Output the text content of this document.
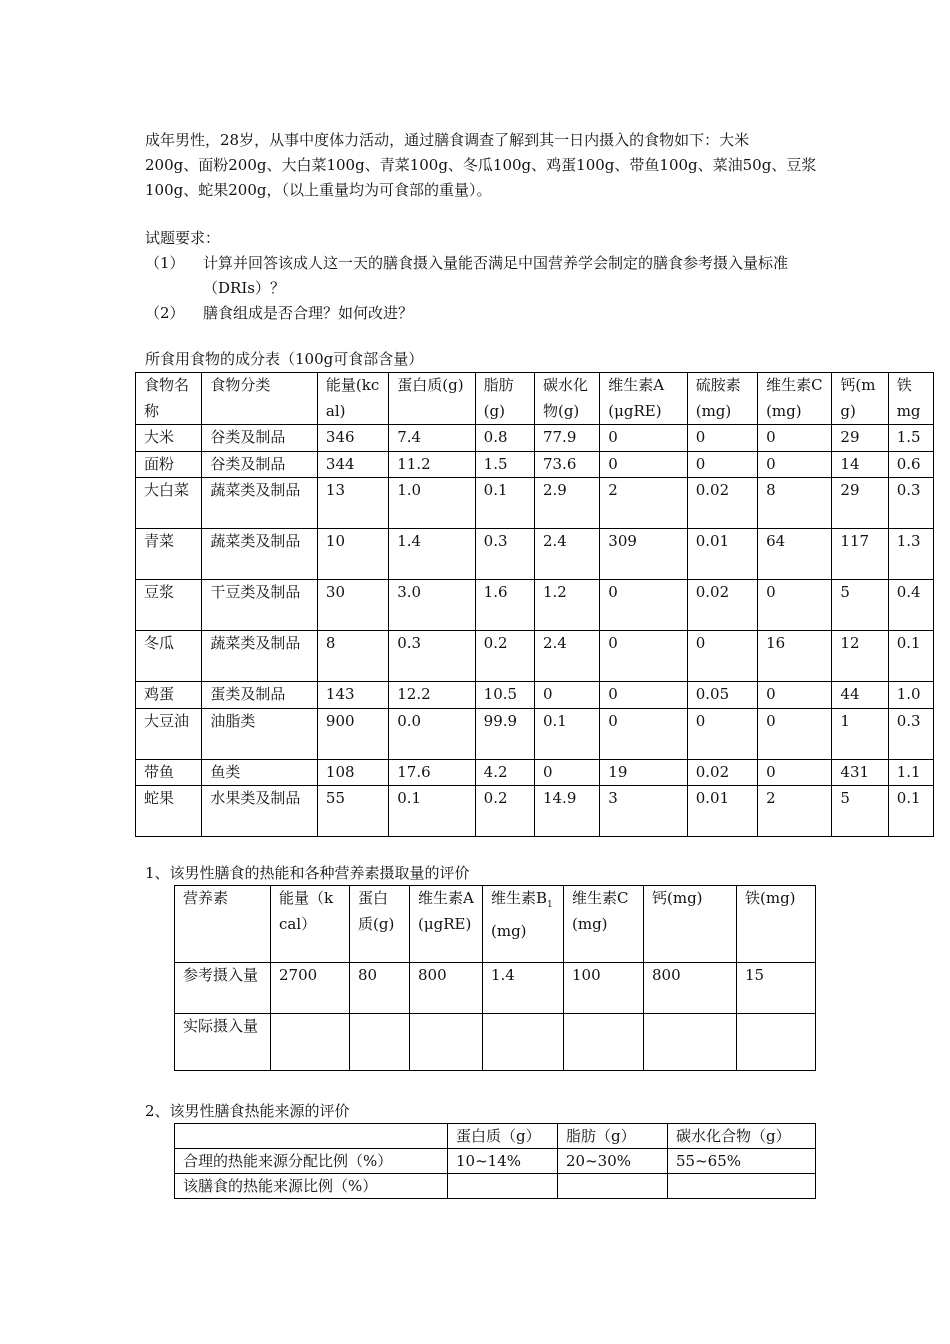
成年男性，28岁，从事中度体力活动，通过膳食调查了解到其一日内摄入的食物如下：大米
200g、面粉200g、大白菜100g、青菜100g、冬瓜100g、鸡蛋100g、带鱼100g、菜油50g、豆浆
100g、蛇果200g，（以上重量均为可食部的重量）。
试题要求：
（1）	计算并回答该成人这一天的膳食摄入量能否满足中国营养学会制定的膳食参考摄入量标准（DRIs）？
（2）	膳食组成是否合理？如何改进？
所食用食物的成分表（100g可食部含量）
食物名称	食物分类	能量(kcal)	蛋白质(g)	脂肪(g)	碳水化物(g)	维生素A(μgRE)	硫胺素(mg)	维生素C (mg)	钙(mg)	铁mg
大米	谷类及制品	346	7.4	0.8	77.9	0	0	0	29	1.5
面粉	谷类及制品	344	11.2	1.5	73.6	0	0	0	14	0.6
大白菜	蔬菜类及制品	13	1.0	0.1	2.9	2	0.02	8	29	0.3
青菜	蔬菜类及制品	10	1.4	0.3	2.4	309	0.01	64	117	1.3
豆浆	干豆类及制品	30	3.0	1.6	1.2	0	0.02	0	5	0.4
冬瓜	蔬菜类及制品	8	0.3	0.2	2.4	0	0	16	12	0.1
鸡蛋	蛋类及制品	143	12.2	10.5	0	0	0.05	0	44	1.0
大豆油	油脂类	900	0.0	99.9	0.1	0	0	0	1	0.3
带鱼	鱼类	108	17.6	4.2	0	19	0.02	0	431	1.1
蛇果	水果类及制品	55	0.1	0.2	14.9	3	0.01	2	5	0.1
1、该男性膳食的热能和各种营养素摄取量的评价
营养素	能量（kcal）	蛋白质(g)	维生素A(μgRE)	维生素$B_1(mg)$	维生素C(mg)	钙(mg)	铁(mg)
参考摄入量	2700	80	800	1.4	100	800	15
实际摄入量							
2、该男性膳食热能来源的评价
	蛋白质（g）	脂肪（g）	碳水化合物（g）
合理的热能来源分配比例（%）	10~14%	20~30%	55~65%
该膳食的热能来源比例（%）			
